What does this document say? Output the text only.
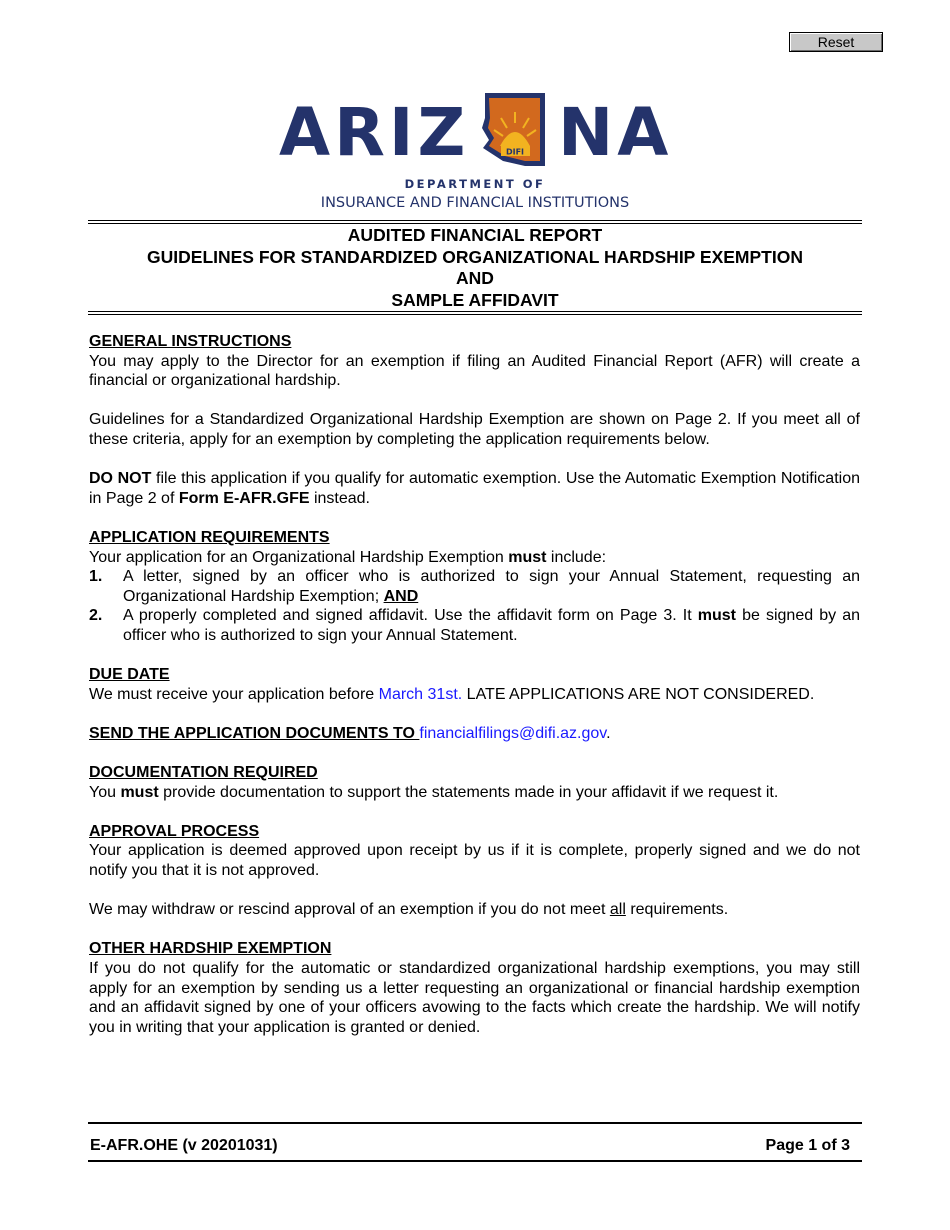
Reset
ARIZ	DIFI NA
DEPARTMENT OF
INSURANCE AND FINANCIAL INSTITUTIONS
AUDITED FINANCIAL REPORT
GUIDELINES FOR STANDARDIZED ORGANIZATIONAL HARDSHIP EXEMPTION
AND
SAMPLE AFFIDAVIT
GENERAL INSTRUCTIONS

You may apply to the Director for an exemption if filing an Audited Financial Report (AFR) will create a financial or organizational hardship.

Guidelines for a Standardized Organizational Hardship Exemption are shown on Page 2. If you meet all of these criteria, apply for an exemption by completing the application requirements below.

DO NOT file this application if you qualify for automatic exemption. Use the Automatic Exemption Notification in Page 2 of Form E-AFR.GFE instead.

APPLICATION REQUIREMENTS

Your application for an Organizational Hardship Exemption must include:

1.	A letter, signed by an officer who is authorized to sign your Annual Statement, requesting an Organizational Hardship Exemption; AND
2.	A properly completed and signed affidavit. Use the affidavit form on Page 3. It must be signed by an officer who is authorized to sign your Annual Statement.
DUE DATE

We must receive your application before March 31st. LATE APPLICATIONS ARE NOT CONSIDERED.

SEND THE APPLICATION DOCUMENTS TO financialfilings@difi.az.gov.

DOCUMENTATION REQUIRED

You must provide documentation to support the statements made in your affidavit if we request it.

APPROVAL PROCESS

Your application is deemed approved upon receipt by us if it is complete, properly signed and we do not notify you that it is not approved.

We may withdraw or rescind approval of an exemption if you do not meet all requirements.

OTHER HARDSHIP EXEMPTION

If you do not qualify for the automatic or standardized organizational hardship exemptions, you may still apply for an exemption by sending us a letter requesting an organizational or financial hardship exemption and an affidavit signed by one of your officers avowing to the facts which create the hardship. We will notify you in writing that your application is granted or denied.

E-AFR.OHE (v 20201031)	Page 1 of 3
